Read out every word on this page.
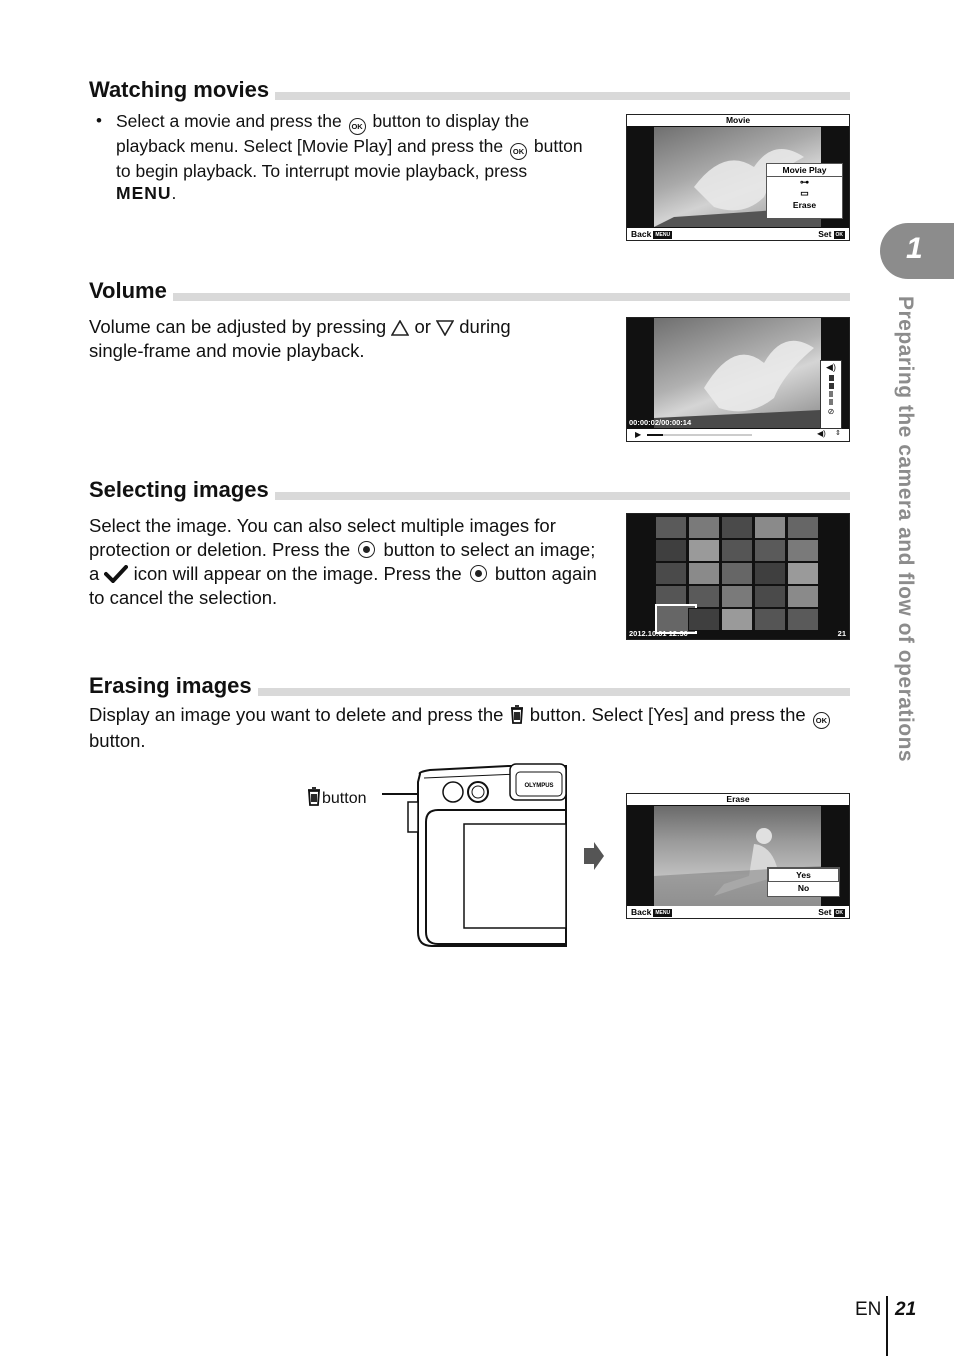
Watching movies
• Select a movie and press the OK button to display the playback menu. Select [Movie Play] and press the OK button to begin playback. To interrupt movie playback, press MENU.
Movie
Movie Play
⊶
▭
Erase
Back MENU	Set OK
Volume
Volume can be adjusted by pressing or during single-frame and movie playback.
◀)
⊘
00:00:02/00:00:14
▶	◀) ⇕
Selecting images
Select the image. You can also select multiple images for protection or deletion. Press the button to select an image; a icon will appear on the image. Press the button again to cancel the selection.
2012.10.01 12:30	21
Erasing images
Display an image you want to delete and press the button. Select [Yes] and press the OK button.
button
OLYMPUS
Erase
Yes
No
Back MENU	Set OK
1
Preparing the camera and flow of operations
EN 21
